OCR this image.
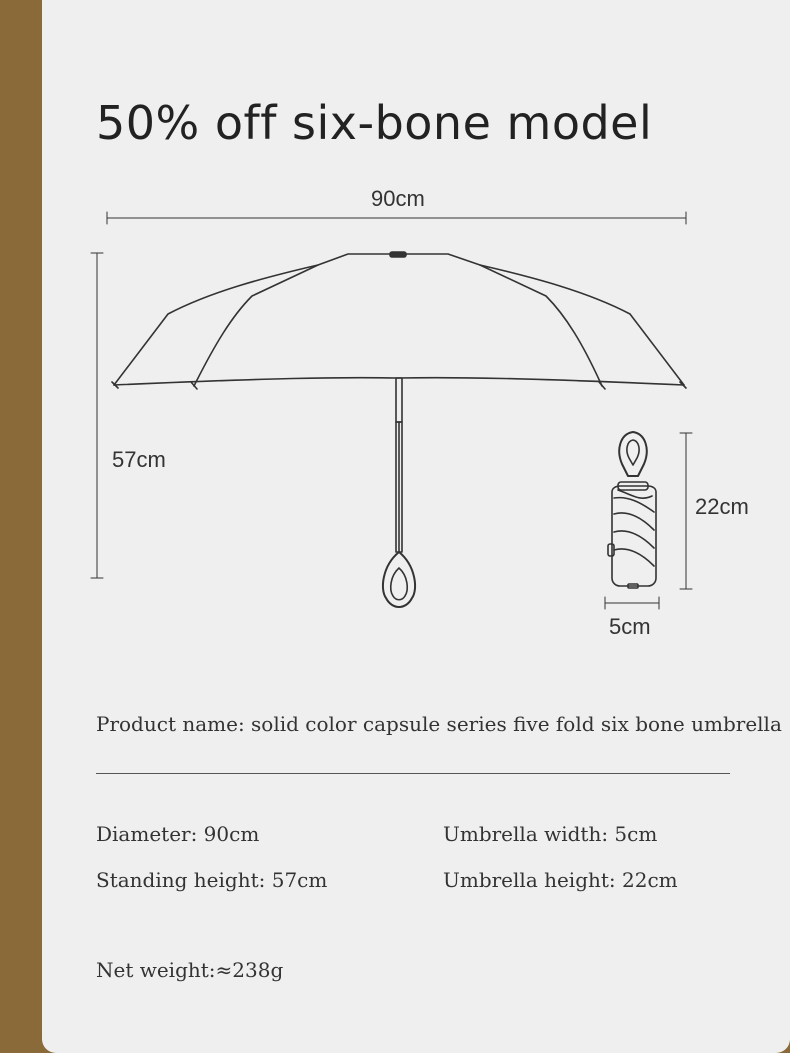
50% off six-bone model
90cm
57cm
22cm
5cm
Product name: solid color capsule series five fold six bone umbrella
Diameter: 90cm	Umbrella width: 5cm
Standing height: 57cm	Umbrella height: 22cm
Net weight:≈238g
